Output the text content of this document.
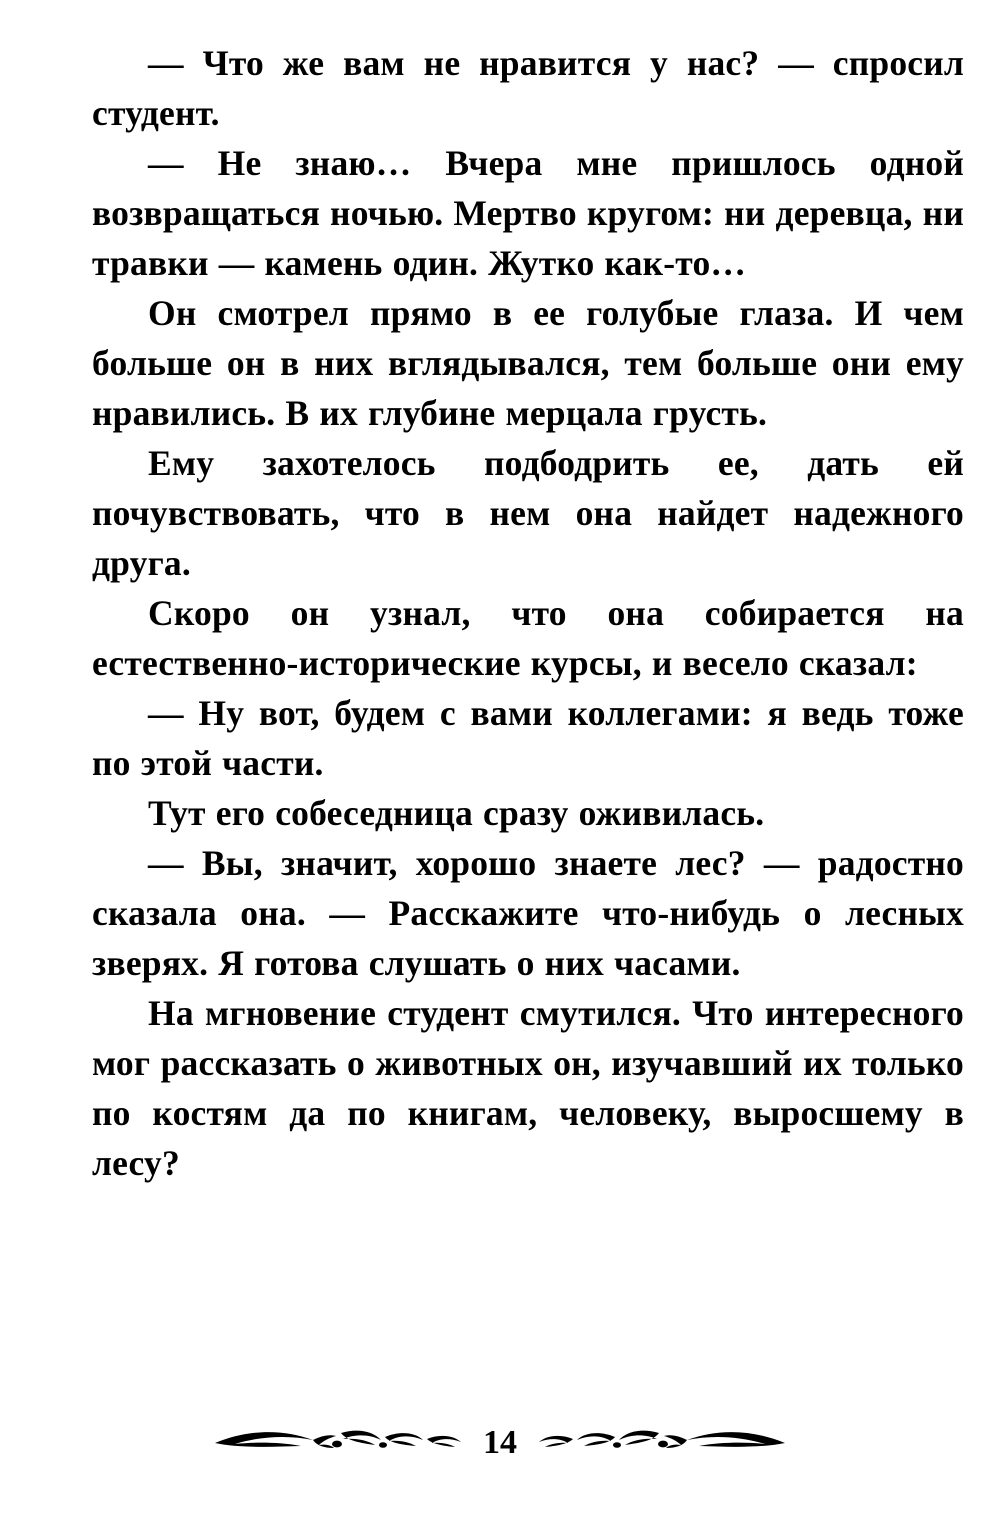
— Что же вам не нравится у нас? — спросил студент.

— Не знаю… Вчера мне пришлось одной возвращаться ночью. Мертво кругом: ни деревца, ни травки — камень один. Жутко как-то…

Он смотрел прямо в ее голубые глаза. И чем больше он в них вглядывался, тем больше они ему нравились. В их глубине мерцала грусть.

Ему захотелось подбодрить ее, дать ей почувствовать, что в нем она найдет надежного друга.

Скоро он узнал, что она собирается на естественно-исторические курсы, и весело сказал:

— Ну вот, будем с вами коллегами: я ведь тоже по этой части.

Тут его собеседница сразу оживилась.

— Вы, значит, хорошо знаете лес? — радостно сказала она. — Расскажите что-нибудь о лесных зверях. Я готова слушать о них часами.

На мгновение студент смутился. Что интересного мог рассказать о животных он, изучавший их только по костям да по книгам, человеку, выросшему в лесу?

14
